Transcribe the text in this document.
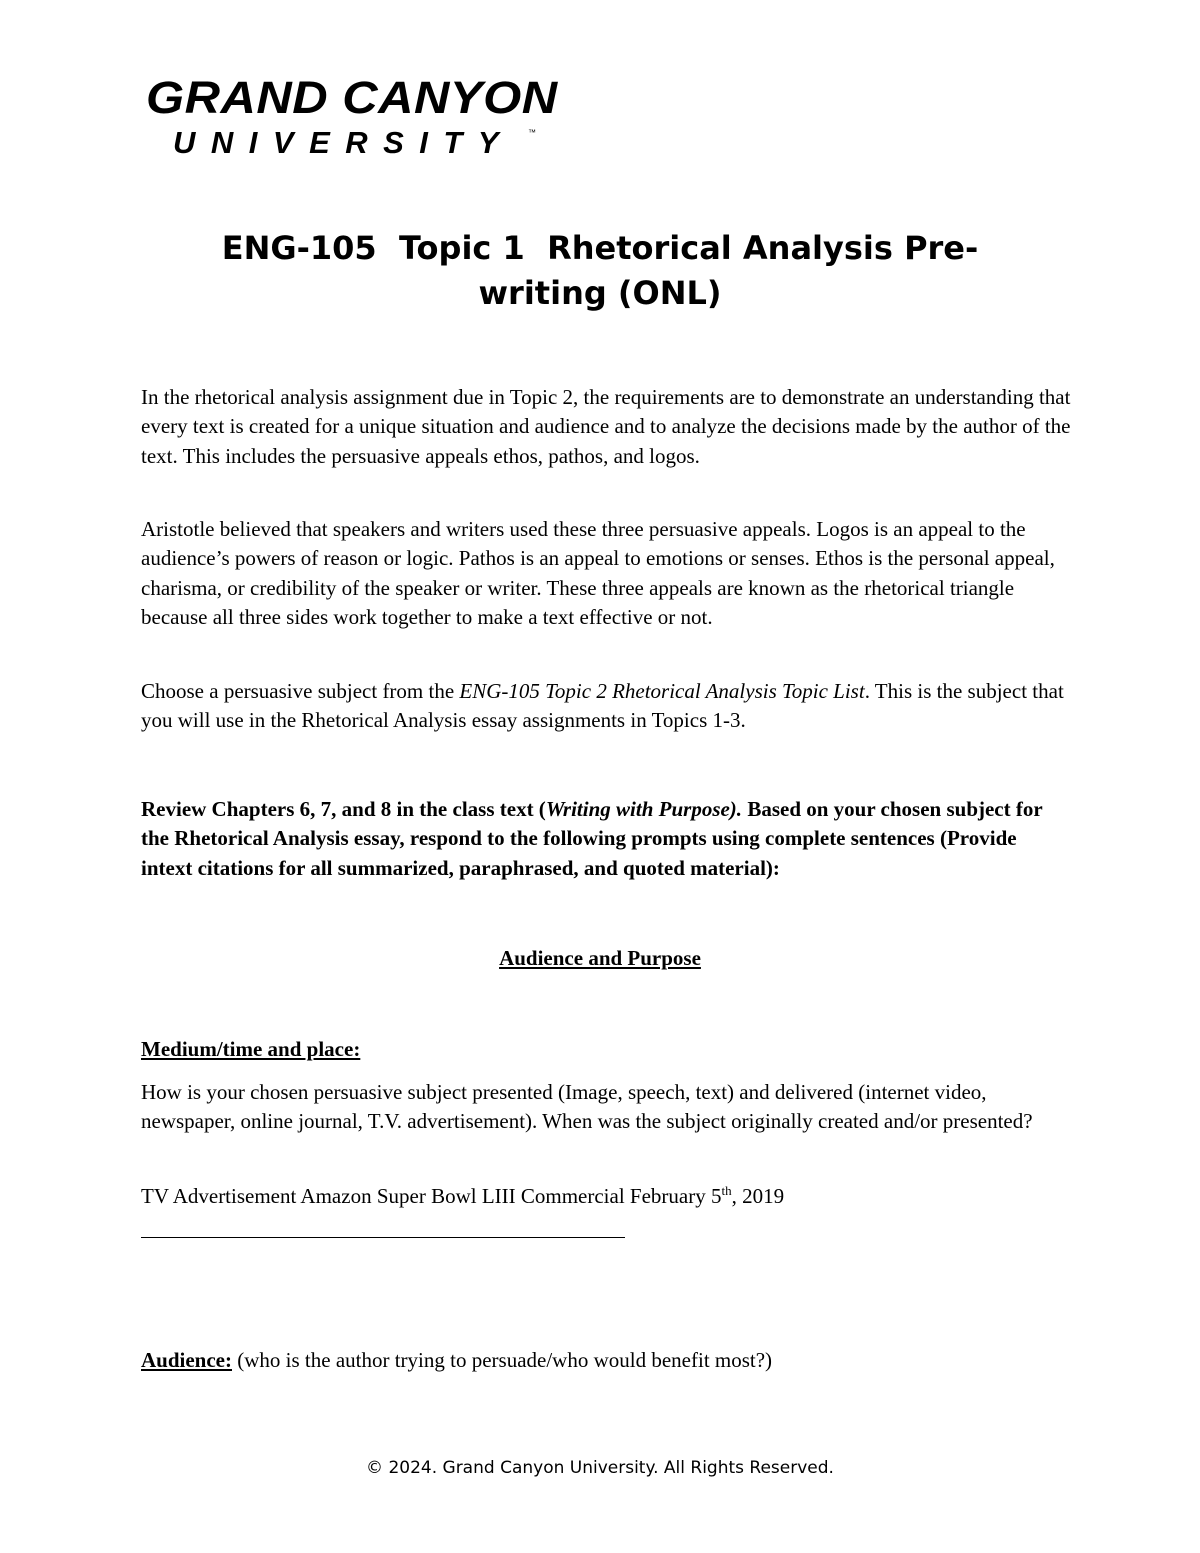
GRAND CANYON
UNIVERSITY ™
ENG-105  Topic 1  Rhetorical Analysis Pre-
writing (ONL)

In the rhetorical analysis assignment due in Topic 2, the requirements are to demonstrate an understanding that every text is created for a unique situation and audience and to analyze the decisions made by the author of the text. This includes the persuasive appeals ethos, pathos, and logos.

Aristotle believed that speakers and writers used these three persuasive appeals. Logos is an appeal to the audience’s powers of reason or logic. Pathos is an appeal to emotions or senses. Ethos is the personal appeal, charisma, or credibility of the speaker or writer. These three appeals are known as the rhetorical triangle because all three sides work together to make a text effective or not.

Choose a persuasive subject from the ENG-105 Topic 2 Rhetorical Analysis Topic List. This is the subject that you will use in the Rhetorical Analysis essay assignments in Topics 1-3.

Review Chapters 6, 7, and 8 in the class text (Writing with Purpose). Based on your chosen subject for the Rhetorical Analysis essay, respond to the following prompts using complete sentences (Provide intext citations for all summarized, paraphrased, and quoted material):

Audience and Purpose

Medium/time and place:

How is your chosen persuasive subject presented (Image, speech, text) and delivered (internet video, newspaper, online journal, T.V. advertisement). When was the subject originally created and/or presented?

TV Advertisement Amazon Super Bowl LIII Commercial February 5th, 2019

Audience: (who is the author trying to persuade/who would benefit most?)

© 2024. Grand Canyon University. All Rights Reserved.
